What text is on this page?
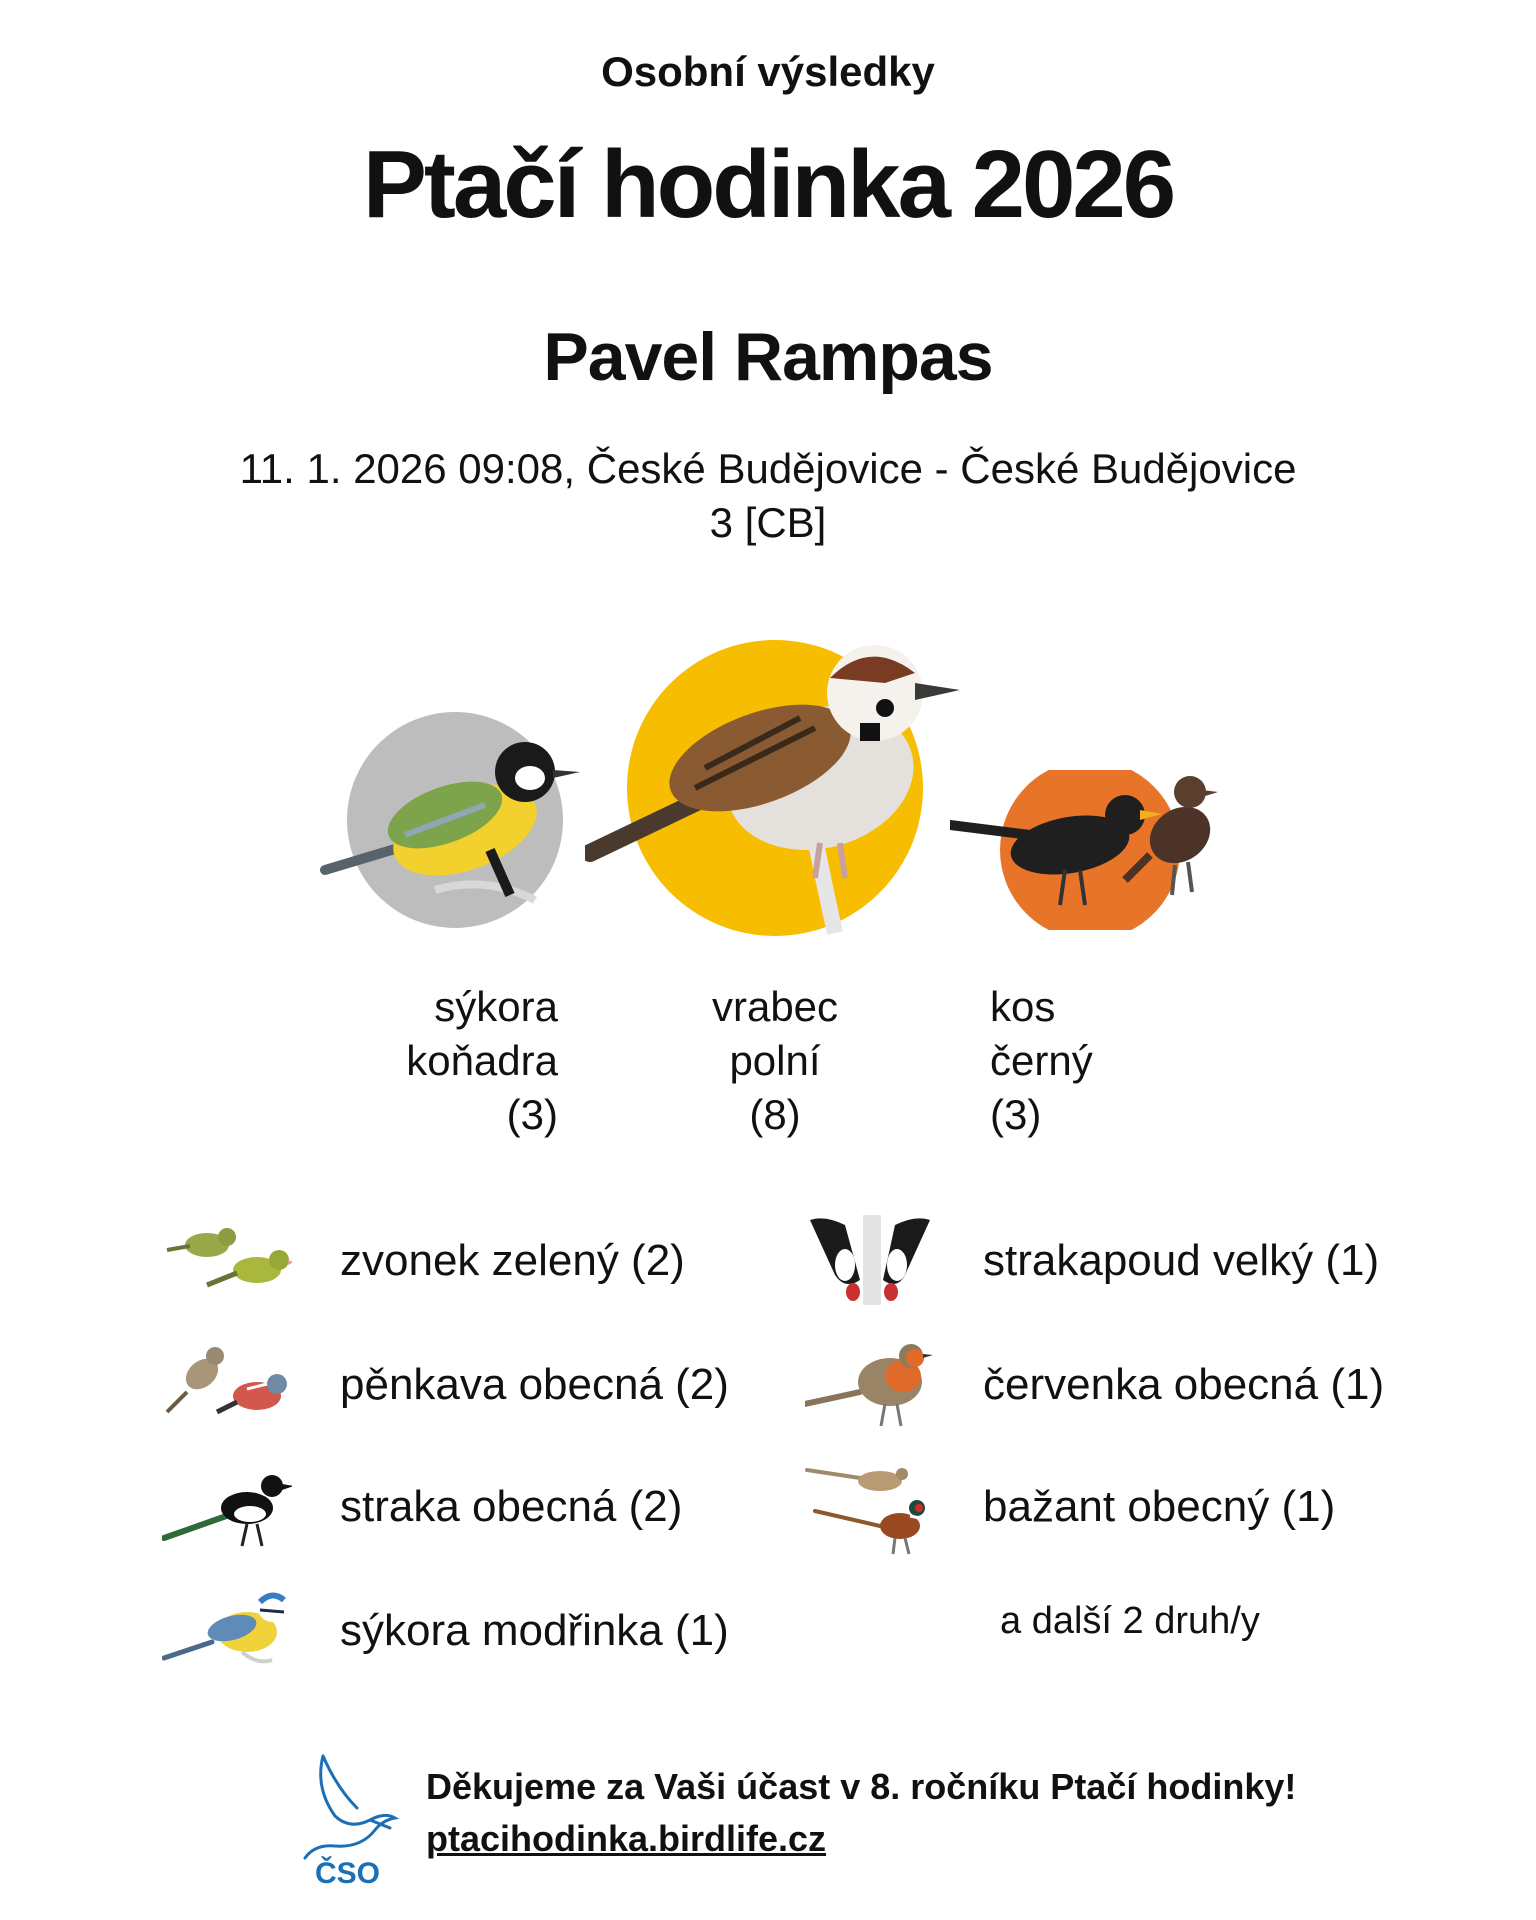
Osobní výsledky
Ptačí hodinka 2026
Pavel Rampas
11. 1. 2026 09:08, České Budějovice - České Budějovice
3 [CB]
sýkora
koňadra
(3)
vrabec
polní
(8)
kos
černý
(3)
zvonek zelený (2)
pěnkava obecná (2)
straka obecná (2)
sýkora modřinka (1)
strakapoud velký (1)
červenka obecná (1)
bažant obecný (1)
a další 2 druh/y
ČSO
Děkujeme za Vaši účast v 8. ročníku Ptačí hodinky!
ptacihodinka.birdlife.cz
